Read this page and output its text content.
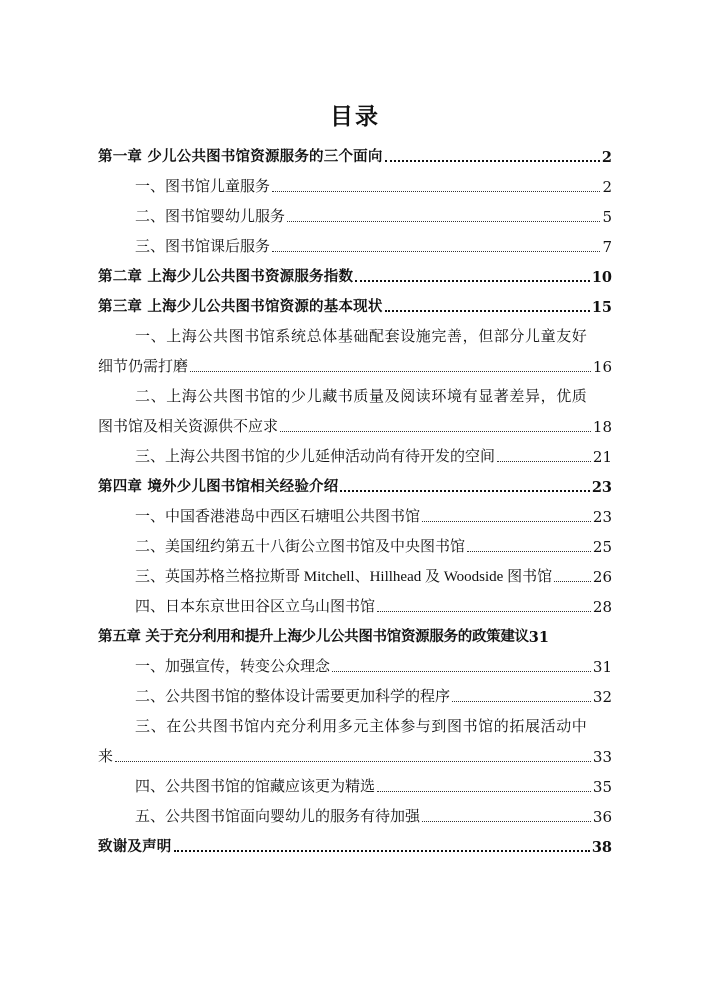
目录
第一章 少儿公共图书馆资源服务的三个面向	2
一、图书馆儿童服务	2
二、图书馆婴幼儿服务	5
三、图书馆课后服务	7
第二章 上海少儿公共图书资源服务指数	10
第三章 上海少儿公共图书馆资源的基本现状	15
一、上海公共图书馆系统总体基础配套设施完善，但部分儿童友好
细节仍需打磨	16
二、上海公共图书馆的少儿藏书质量及阅读环境有显著差异，优质
图书馆及相关资源供不应求	18
三、上海公共图书馆的少儿延伸活动尚有待开发的空间	21
第四章 境外少儿图书馆相关经验介绍	23
一、中国香港港岛中西区石塘咀公共图书馆	23
二、美国纽约第五十八街公立图书馆及中央图书馆	25
三、英国苏格兰格拉斯哥 Mitchell、Hillhead 及 Woodside 图书馆	26
四、日本东京世田谷区立乌山图书馆	28
第五章 关于充分利用和提升上海少儿公共图书馆资源服务的政策建议 31
一、加强宣传，转变公众理念	31
二、公共图书馆的整体设计需要更加科学的程序	32
三、在公共图书馆内充分利用多元主体参与到图书馆的拓展活动中
来	33
四、公共图书馆的馆藏应该更为精选	35
五、公共图书馆面向婴幼儿的服务有待加强	36
致谢及声明	38
